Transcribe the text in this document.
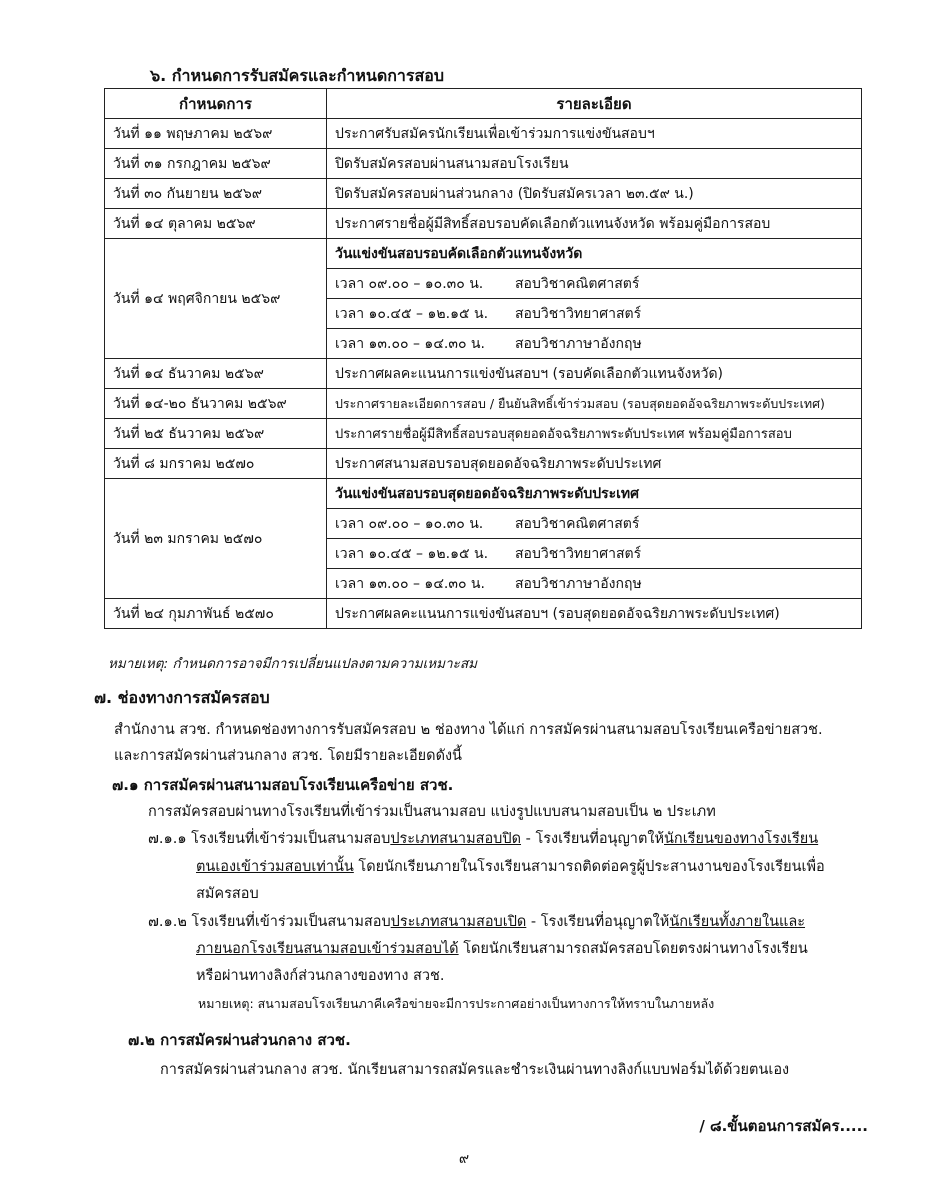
๖. กำหนดการรับสมัครและกำหนดการสอบ
กำหนดการ	รายละเอียด
วันที่ ๑๑ พฤษภาคม ๒๕๖๙	ประกาศรับสมัครนักเรียนเพื่อเข้าร่วมการแข่งขันสอบฯ
วันที่ ๓๑ กรกฎาคม ๒๕๖๙	ปิดรับสมัครสอบผ่านสนามสอบโรงเรียน
วันที่ ๓๐ กันยายน ๒๕๖๙	ปิดรับสมัครสอบผ่านส่วนกลาง (ปิดรับสมัครเวลา ๒๓.๕๙ น.)
วันที่ ๑๔ ตุลาคม ๒๕๖๙	ประกาศรายชื่อผู้มีสิทธิ์สอบรอบคัดเลือกตัวแทนจังหวัด พร้อมคู่มือการสอบ
วันที่ ๑๔ พฤศจิกายน ๒๕๖๙	วันแข่งขันสอบรอบคัดเลือกตัวแทนจังหวัด
	เวลา ๐๙.๐๐ – ๑๐.๓๐ น. สอบวิชาคณิตศาสตร์
	เวลา ๑๐.๔๕ – ๑๒.๑๕ น. สอบวิชาวิทยาศาสตร์
	เวลา ๑๓.๐๐ – ๑๔.๓๐ น. สอบวิชาภาษาอังกฤษ
วันที่ ๑๔ ธันวาคม ๒๕๖๙	ประกาศผลคะแนนการแข่งขันสอบฯ (รอบคัดเลือกตัวแทนจังหวัด)
วันที่ ๑๔-๒๐ ธันวาคม ๒๕๖๙	ประกาศรายละเอียดการสอบ / ยืนยันสิทธิ์เข้าร่วมสอบ (รอบสุดยอดอัจฉริยภาพระดับประเทศ)
วันที่ ๒๕ ธันวาคม ๒๕๖๙	ประกาศรายชื่อผู้มีสิทธิ์สอบรอบสุดยอดอัจฉริยภาพระดับประเทศ พร้อมคู่มือการสอบ
วันที่ ๘ มกราคม ๒๕๗๐	ประกาศสนามสอบรอบสุดยอดอัจฉริยภาพระดับประเทศ
วันที่ ๒๓ มกราคม ๒๕๗๐	วันแข่งขันสอบรอบสุดยอดอัจฉริยภาพระดับประเทศ
	เวลา ๐๙.๐๐ – ๑๐.๓๐ น. สอบวิชาคณิตศาสตร์
	เวลา ๑๐.๔๕ – ๑๒.๑๕ น. สอบวิชาวิทยาศาสตร์
	เวลา ๑๓.๐๐ – ๑๔.๓๐ น. สอบวิชาภาษาอังกฤษ
วันที่ ๒๔ กุมภาพันธ์ ๒๕๗๐	ประกาศผลคะแนนการแข่งขันสอบฯ (รอบสุดยอดอัจฉริยภาพระดับประเทศ)
หมายเหตุ: กำหนดการอาจมีการเปลี่ยนแปลงตามความเหมาะสม
๗. ช่องทางการสมัครสอบ
สำนักงาน สวช. กำหนดช่องทางการรับสมัครสอบ ๒ ช่องทาง ได้แก่ การสมัครผ่านสนามสอบโรงเรียนเครือข่ายสวช.
และการสมัครผ่านส่วนกลาง สวช. โดยมีรายละเอียดดังนี้
๗.๑ การสมัครผ่านสนามสอบโรงเรียนเครือข่าย สวช.
การสมัครสอบผ่านทางโรงเรียนที่เข้าร่วมเป็นสนามสอบ แบ่งรูปแบบสนามสอบเป็น ๒ ประเภท
๗.๑.๑ โรงเรียนที่เข้าร่วมเป็นสนามสอบประเภทสนามสอบปิด - โรงเรียนที่อนุญาตให้นักเรียนของทางโรงเรียน
ตนเองเข้าร่วมสอบเท่านั้น โดยนักเรียนภายในโรงเรียนสามารถติดต่อครูผู้ประสานงานของโรงเรียนเพื่อ
สมัครสอบ
๗.๑.๒ โรงเรียนที่เข้าร่วมเป็นสนามสอบประเภทสนามสอบเปิด - โรงเรียนที่อนุญาตให้นักเรียนทั้งภายในและ
ภายนอกโรงเรียนสนามสอบเข้าร่วมสอบได้ โดยนักเรียนสามารถสมัครสอบโดยตรงผ่านทางโรงเรียน
หรือผ่านทางลิงก์ส่วนกลางของทาง สวช.
หมายเหตุ: สนามสอบโรงเรียนภาคีเครือข่ายจะมีการประกาศอย่างเป็นทางการให้ทราบในภายหลัง
๗.๒ การสมัครผ่านส่วนกลาง สวช.
การสมัครผ่านส่วนกลาง สวช. นักเรียนสามารถสมัครและชำระเงินผ่านทางลิงก์แบบฟอร์มได้ด้วยตนเอง
/ ๘.ขั้นตอนการสมัคร.....
๙
